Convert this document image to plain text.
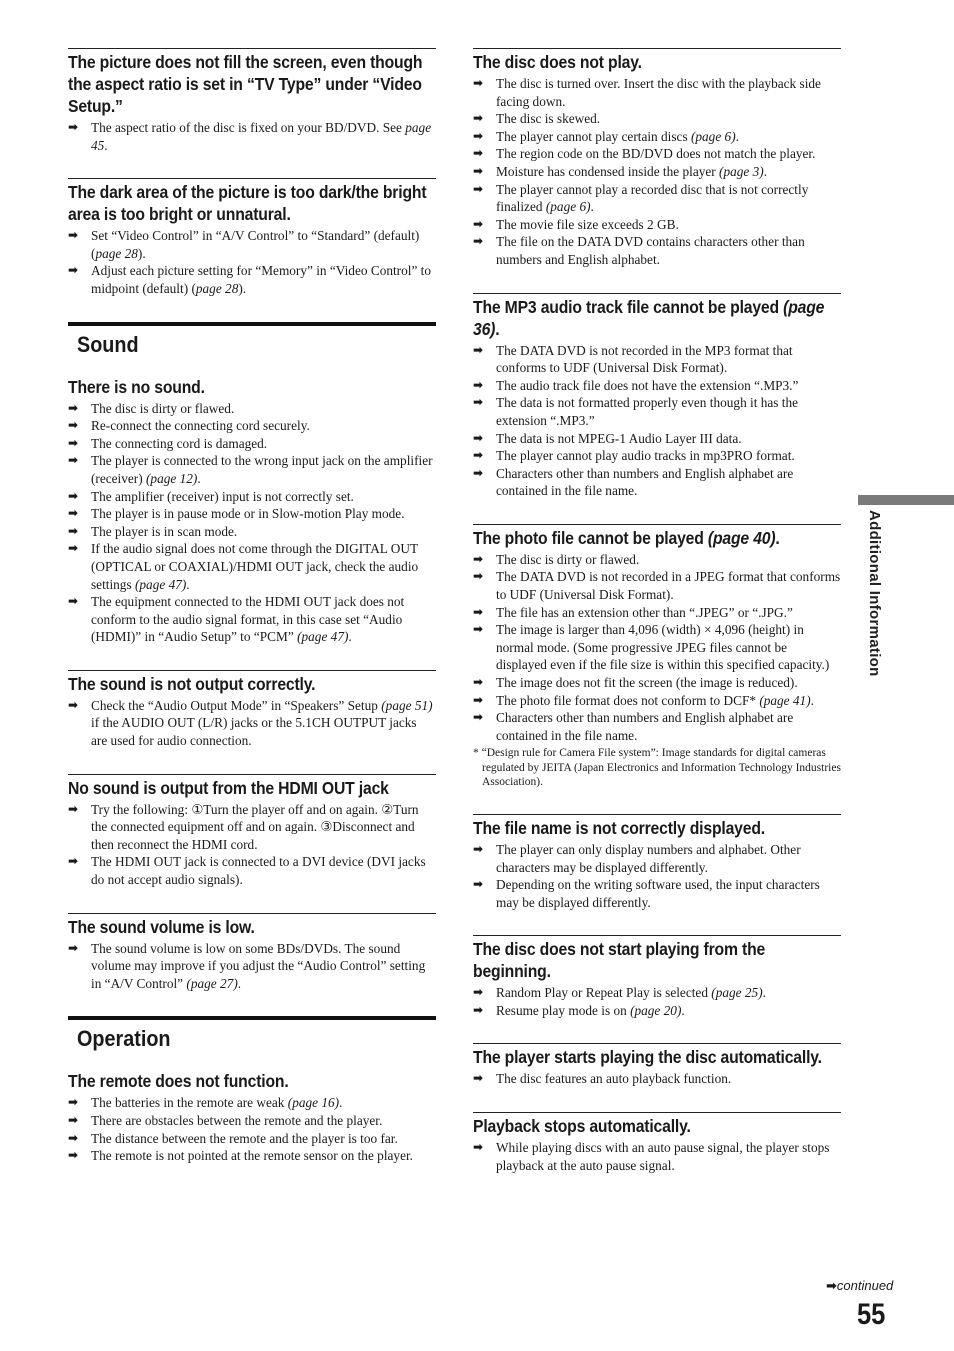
The picture does not fill the screen, even though the aspect ratio is set in “TV Type” under “Video Setup.”
➡ The aspect ratio of the disc is fixed on your BD/DVD. See page 45.
The dark area of the picture is too dark/the bright area is too bright or unnatural.
➡ Set “Video Control” in “A/V Control” to “Standard” (default) (page 28).
➡ Adjust each picture setting for “Memory” in “Video Control” to midpoint (default) (page 28).
Sound
There is no sound.
➡ The disc is dirty or flawed.
➡ Re-connect the connecting cord securely.
➡ The connecting cord is damaged.
➡ The player is connected to the wrong input jack on the amplifier (receiver) (page 12).
➡ The amplifier (receiver) input is not correctly set.
➡ The player is in pause mode or in Slow-motion Play mode.
➡ The player is in scan mode.
➡ If the audio signal does not come through the DIGITAL OUT (OPTICAL or COAXIAL)/HDMI OUT jack, check the audio settings (page 47).
➡ The equipment connected to the HDMI OUT jack does not conform to the audio signal format, in this case set “Audio (HDMI)” in “Audio Setup” to “PCM” (page 47).
The sound is not output correctly.
➡ Check the “Audio Output Mode” in “Speakers” Setup (page 51) if the AUDIO OUT (L/R) jacks or the 5.1CH OUTPUT jacks are used for audio connection.
No sound is output from the HDMI OUT jack
➡ Try the following: ①Turn the player off and on again. ②Turn the connected equipment off and on again. ③Disconnect and then reconnect the HDMI cord.
➡ The HDMI OUT jack is connected to a DVI device (DVI jacks do not accept audio signals).
The sound volume is low.
➡ The sound volume is low on some BDs/DVDs. The sound volume may improve if you adjust the “Audio Control” setting in “A/V Control” (page 27).
Operation
The remote does not function.
➡ The batteries in the remote are weak (page 16).
➡ There are obstacles between the remote and the player.
➡ The distance between the remote and the player is too far.
➡ The remote is not pointed at the remote sensor on the player.
The disc does not play.
➡ The disc is turned over. Insert the disc with the playback side facing down.
➡ The disc is skewed.
➡ The player cannot play certain discs (page 6).
➡ The region code on the BD/DVD does not match the player.
➡ Moisture has condensed inside the player (page 3).
➡ The player cannot play a recorded disc that is not correctly finalized (page 6).
➡ The movie file size exceeds 2 GB.
➡ The file on the DATA DVD contains characters other than numbers and English alphabet.
The MP3 audio track file cannot be played (page 36).
➡ The DATA DVD is not recorded in the MP3 format that conforms to UDF (Universal Disk Format).
➡ The audio track file does not have the extension “.MP3.”
➡ The data is not formatted properly even though it has the extension “.MP3.”
➡ The data is not MPEG-1 Audio Layer III data.
➡ The player cannot play audio tracks in mp3PRO format.
➡ Characters other than numbers and English alphabet are contained in the file name.
The photo file cannot be played (page 40).
➡ The disc is dirty or flawed.
➡ The DATA DVD is not recorded in a JPEG format that conforms to UDF (Universal Disk Format).
➡ The file has an extension other than “.JPEG” or “.JPG.”
➡ The image is larger than 4,096 (width) × 4,096 (height) in normal mode. (Some progressive JPEG files cannot be displayed even if the file size is within this specified capacity.)
➡ The image does not fit the screen (the image is reduced).
➡ The photo file format does not conform to DCF* (page 41).
➡ Characters other than numbers and English alphabet are contained in the file name.
* “Design rule for Camera File system”: Image standards for digital cameras regulated by JEITA (Japan Electronics and Information Technology Industries Association).
The file name is not correctly displayed.
➡ The player can only display numbers and alphabet. Other characters may be displayed differently.
➡ Depending on the writing software used, the input characters may be displayed differently.
The disc does not start playing from the beginning.
➡ Random Play or Repeat Play is selected (page 25).
➡ Resume play mode is on (page 20).
The player starts playing the disc automatically.
➡ The disc features an auto playback function.
Playback stops automatically.
➡ While playing discs with an auto pause signal, the player stops playback at the auto pause signal.
Additional Information
➡continued
55
